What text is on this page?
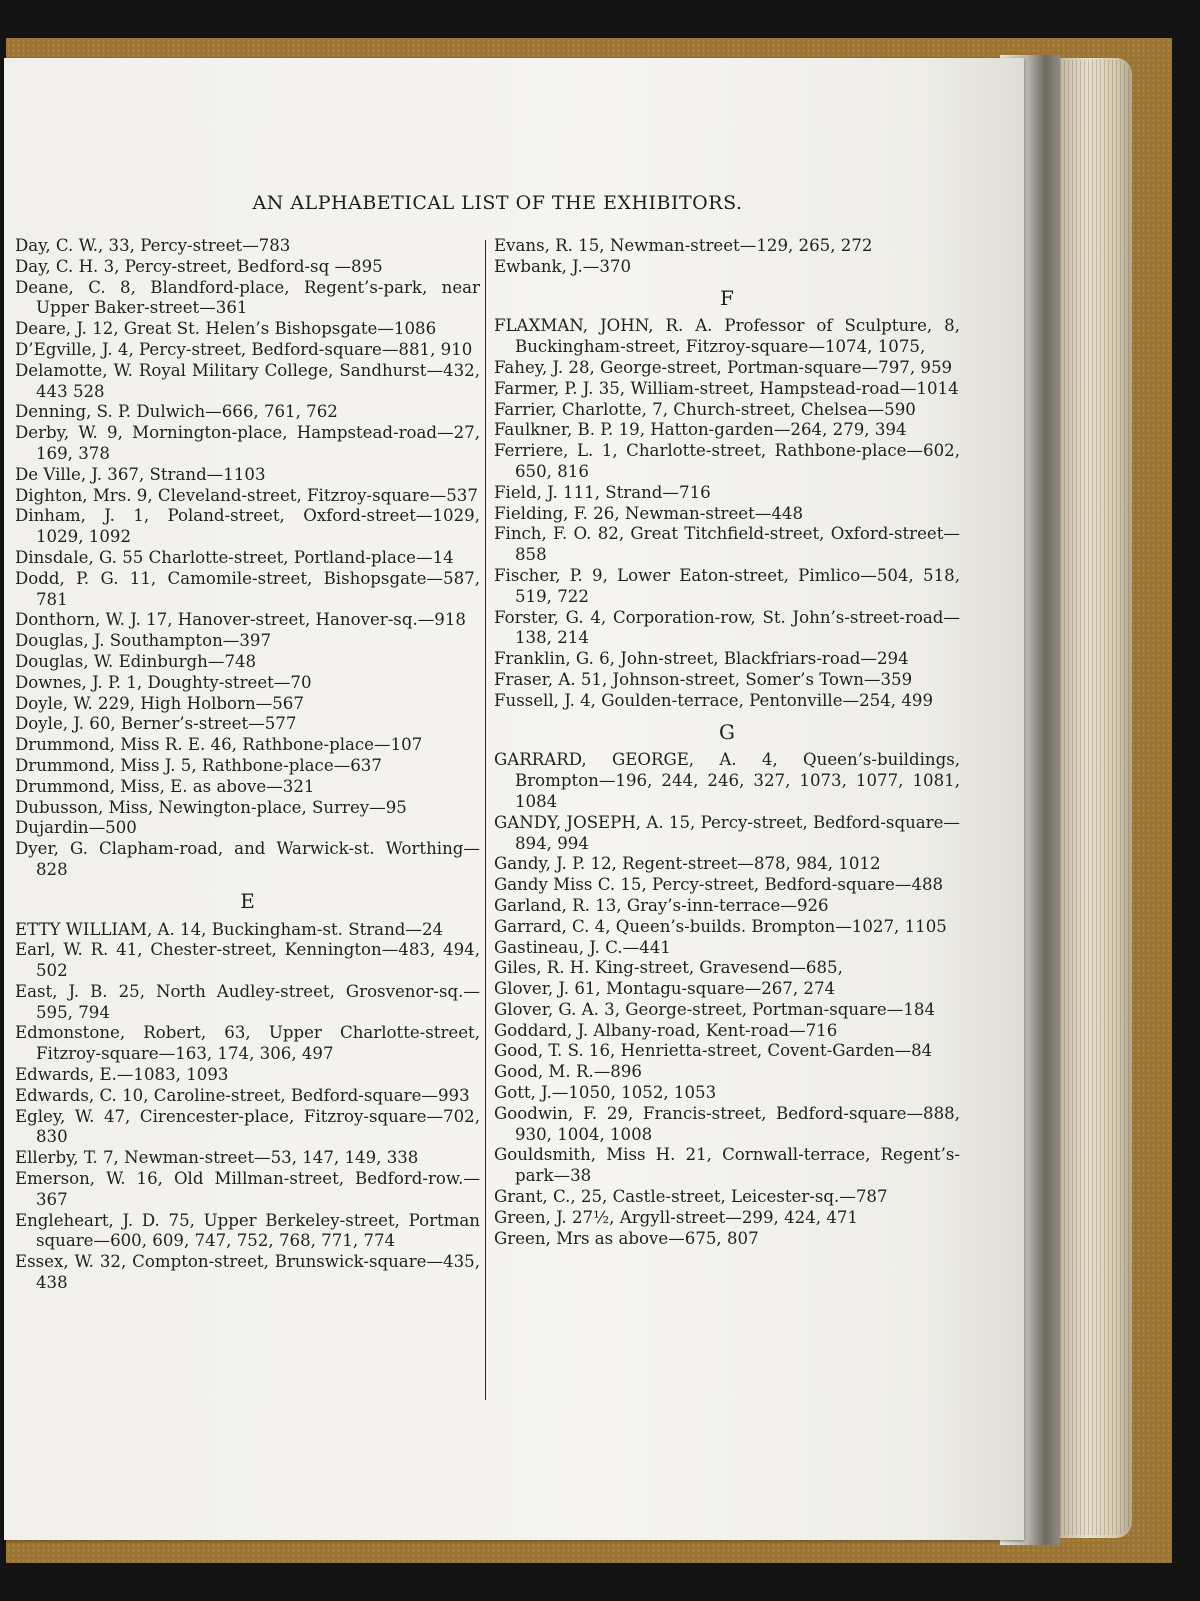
AN ALPHABETICAL LIST OF THE EXHIBITORS.
Day, C. W., 33, Percy-street—783
Day, C. H. 3, Percy-street, Bedford-sq —895
Deane, C. 8, Blandford-place, Regent’s-park, near Upper Baker-street—361
Deare, J. 12, Great St. Helen’s Bishopsgate—1086
D’Egville, J. 4, Percy-street, Bedford-square—881, 910
Delamotte, W. Royal Military College, Sandhurst—432, 443 528
Denning, S. P. Dulwich—666, 761, 762
Derby, W. 9, Mornington-place, Hampstead-road—27, 169, 378
De Ville, J. 367, Strand—1103
Dighton, Mrs. 9, Cleveland-street, Fitzroy-square—537
Dinham, J. 1, Poland-street, Oxford-street—1029, 1029, 1092
Dinsdale, G. 55 Charlotte-street, Portland-place—14
Dodd, P. G. 11, Camomile-street, Bishopsgate—587, 781
Donthorn, W. J. 17, Hanover-street, Hanover-sq.—918
Douglas, J. Southampton—397
Douglas, W. Edinburgh—748
Downes, J. P. 1, Doughty-street—70
Doyle, W. 229, High Holborn—567
Doyle, J. 60, Berner’s-street—577
Drummond, Miss R. E. 46, Rathbone-place—107
Drummond, Miss J. 5, Rathbone-place—637
Drummond, Miss, E. as above—321
Dubusson, Miss, Newington-place, Surrey—95
Dujardin—500
Dyer, G. Clapham-road, and Warwick-st. Worthing—828
E
ETTY WILLIAM, A. 14, Buckingham-st. Strand—24
Earl, W. R. 41, Chester-street, Kennington—483, 494, 502
East, J. B. 25, North Audley-street, Grosvenor-sq.—595, 794
Edmonstone, Robert, 63, Upper Charlotte-street, Fitzroy-square—163, 174, 306, 497
Edwards, E.—1083, 1093
Edwards, C. 10, Caroline-street, Bedford-square—993
Egley, W. 47, Cirencester-place, Fitzroy-square—702, 830
Ellerby, T. 7, Newman-street—53, 147, 149, 338
Emerson, W. 16, Old Millman-street, Bedford-row.—367
Engleheart, J. D. 75, Upper Berkeley-street, Portman square—600, 609, 747, 752, 768, 771, 774
Essex, W. 32, Compton-street, Brunswick-square—435, 438
Evans, R. 15, Newman-street—129, 265, 272
Ewbank, J.—370
F
FLAXMAN, JOHN, R. A. Professor of Sculpture, 8, Buckingham-street, Fitzroy-square—1074, 1075,
Fahey, J. 28, George-street, Portman-square—797, 959
Farmer, P. J. 35, William-street, Hampstead-road—1014
Farrier, Charlotte, 7, Church-street, Chelsea—590
Faulkner, B. P. 19, Hatton-garden—264, 279, 394
Ferriere, L. 1, Charlotte-street, Rathbone-place—602, 650, 816
Field, J. 111, Strand—716
Fielding, F. 26, Newman-street—448
Finch, F. O. 82, Great Titchfield-street, Oxford-street—858
Fischer, P. 9, Lower Eaton-street, Pimlico—504, 518, 519, 722
Forster, G. 4, Corporation-row, St. John’s-street-road—138, 214
Franklin, G. 6, John-street, Blackfriars-road—294
Fraser, A. 51, Johnson-street, Somer’s Town—359
Fussell, J. 4, Goulden-terrace, Pentonville—254, 499
G
GARRARD, GEORGE, A. 4, Queen’s-buildings, Brompton—196, 244, 246, 327, 1073, 1077, 1081, 1084
GANDY, JOSEPH, A. 15, Percy-street, Bedford-square—894, 994
Gandy, J. P. 12, Regent-street—878, 984, 1012
Gandy Miss C. 15, Percy-street, Bedford-square—488
Garland, R. 13, Gray’s-inn-terrace—926
Garrard, C. 4, Queen’s-builds. Brompton—1027, 1105
Gastineau, J. C.—441
Giles, R. H. King-street, Gravesend—685,
Glover, J. 61, Montagu-square—267, 274
Glover, G. A. 3, George-street, Portman-square—184
Goddard, J. Albany-road, Kent-road—716
Good, T. S. 16, Henrietta-street, Covent-Garden—84
Good, M. R.—896
Gott, J.—1050, 1052, 1053
Goodwin, F. 29, Francis-street, Bedford-square—888, 930, 1004, 1008
Gouldsmith, Miss H. 21, Cornwall-terrace, Regent’s-park—38
Grant, C., 25, Castle-street, Leicester-sq.—787
Green, J. 27½, Argyll-street—299, 424, 471
Green, Mrs as above—675, 807
